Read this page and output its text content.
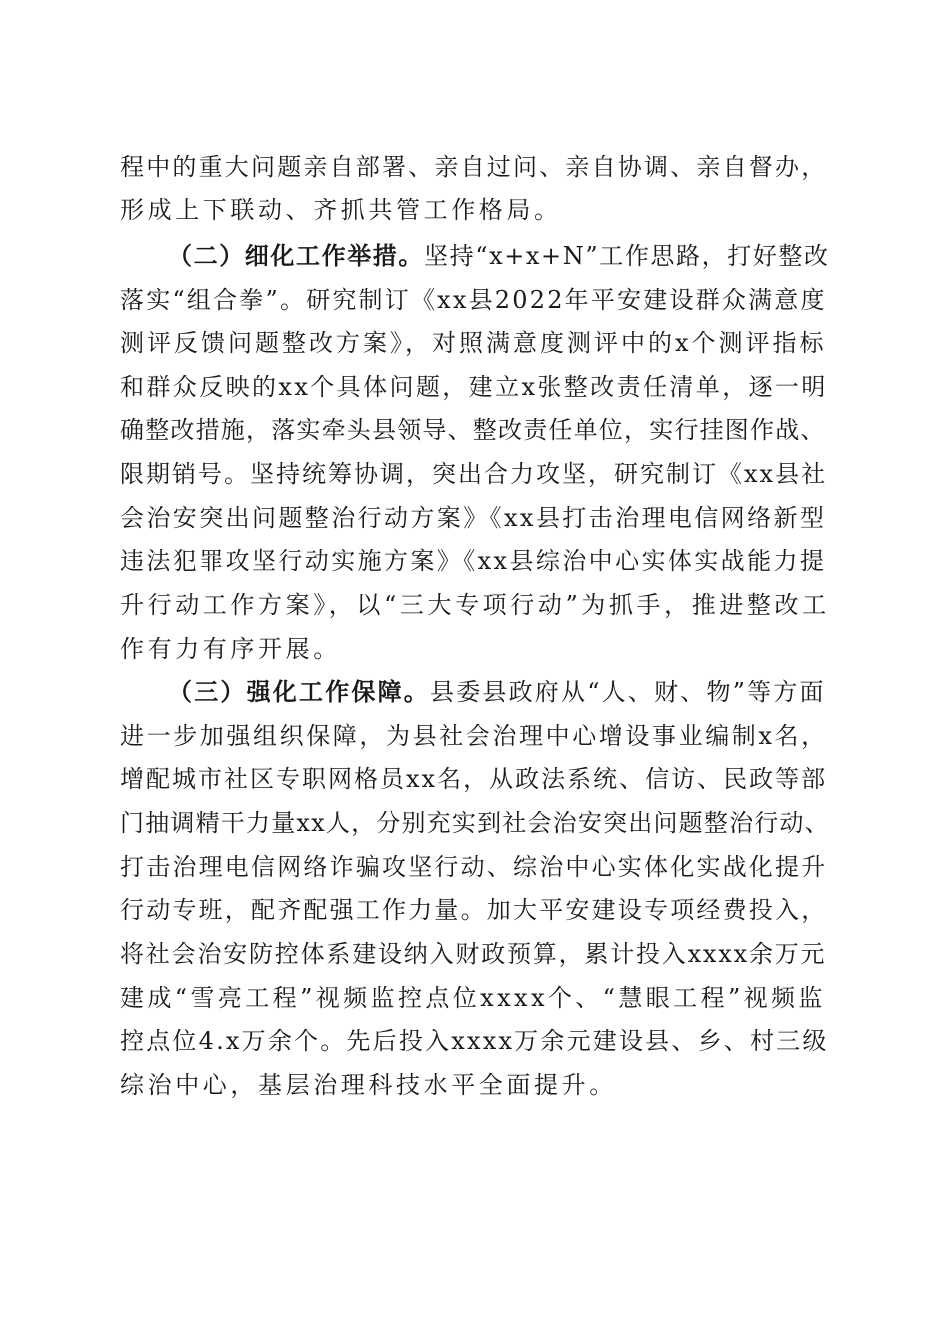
程中的重大问题亲自部署、亲自过问、亲自协调、亲自督办，
形成上下联动、齐抓共管工作格局。
（二）细化工作举措。坚持“x+x+N”工作思路，打好整改
落实“组合拳”。研究制订《xx县2022年平安建设群众满意度
测评反馈问题整改方案》，对照满意度测评中的x个测评指标
和群众反映的xx个具体问题，建立x张整改责任清单，逐一明
确整改措施，落实牵头县领导、整改责任单位，实行挂图作战、
限期销号。坚持统筹协调，突出合力攻坚，研究制订《xx县社
会治安突出问题整治行动方案》《xx县打击治理电信网络新型
违法犯罪攻坚行动实施方案》《xx县综治中心实体实战能力提
升行动工作方案》，以“三大专项行动”为抓手，推进整改工
作有力有序开展。
（三）强化工作保障。县委县政府从“人、财、物”等方面
进一步加强组织保障，为县社会治理中心增设事业编制x名，
增配城市社区专职网格员xx名，从政法系统、信访、民政等部
门抽调精干力量xx人，分别充实到社会治安突出问题整治行动、
打击治理电信网络诈骗攻坚行动、综治中心实体化实战化提升
行动专班，配齐配强工作力量。加大平安建设专项经费投入，
将社会治安防控体系建设纳入财政预算，累计投入xxxx余万元
建成“雪亮工程”视频监控点位xxxx个、“慧眼工程”视频监
控点位4.x万余个。先后投入xxxx万余元建设县、乡、村三级
综治中心，基层治理科技水平全面提升。
